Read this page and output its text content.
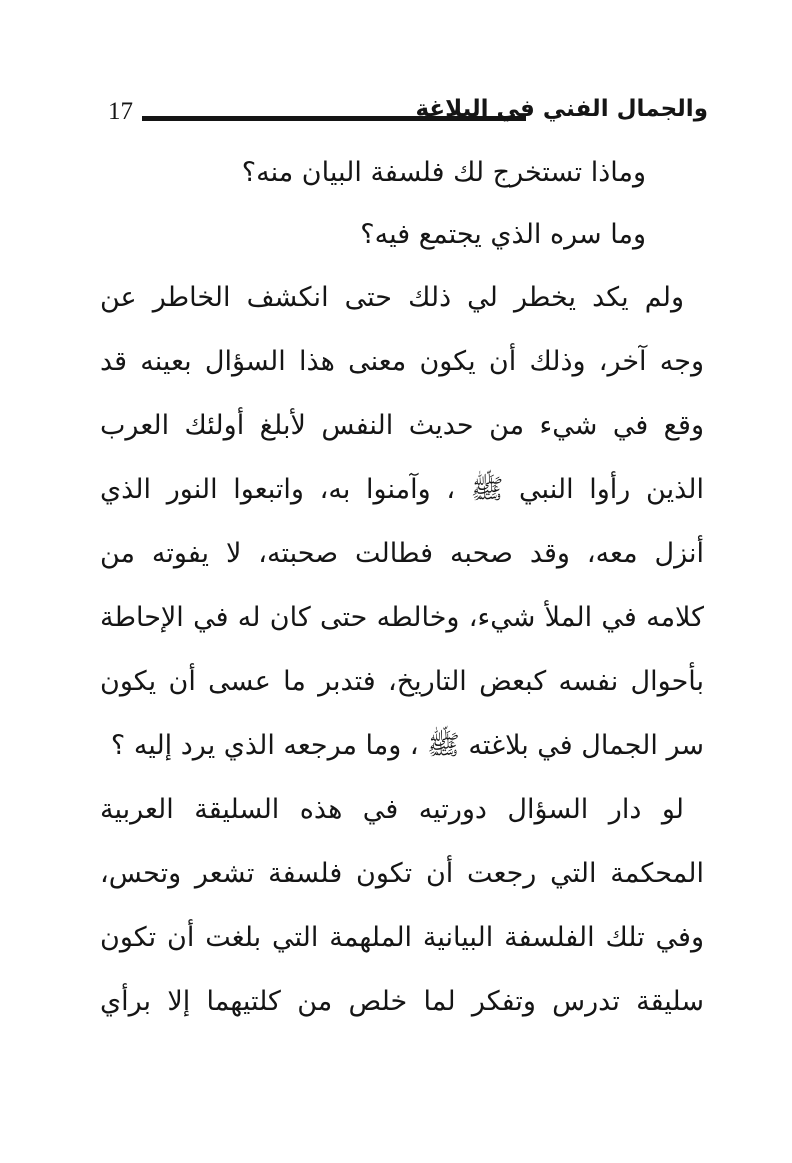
17	والجمال الفني في البلاغة
وماذا تستخرج لك فلسفة البيان منه؟
وما سره الذي يجتمع فيه؟
ولم يكد يخطر لي ذلك حتى انكشف الخاطر عن
وجه آخر، وذلك أن يكون معنى هذا السؤال بعينه قد
وقع في شيء من حديث النفس لأبلغ أولئك العرب
الذين رأوا النبي ﷺ ، وآمنوا به، واتبعوا النور الذي
أنزل معه، وقد صحبه فطالت صحبته، لا يفوته من
كلامه في الملأ شيء، وخالطه حتى كان له في الإحاطة
بأحوال نفسه كبعض التاريخ، فتدبر ما عسى أن يكون
سر الجمال في بلاغته ﷺ ، وما مرجعه الذي يرد إليه ؟
لو دار السؤال دورتيه في هذه السليقة العربية
المحكمة التي رجعت أن تكون فلسفة تشعر وتحس،
وفي تلك الفلسفة البيانية الملهمة التي بلغت أن تكون
سليقة تدرس وتفكر لما خلص من كلتيهما إلا برأي
